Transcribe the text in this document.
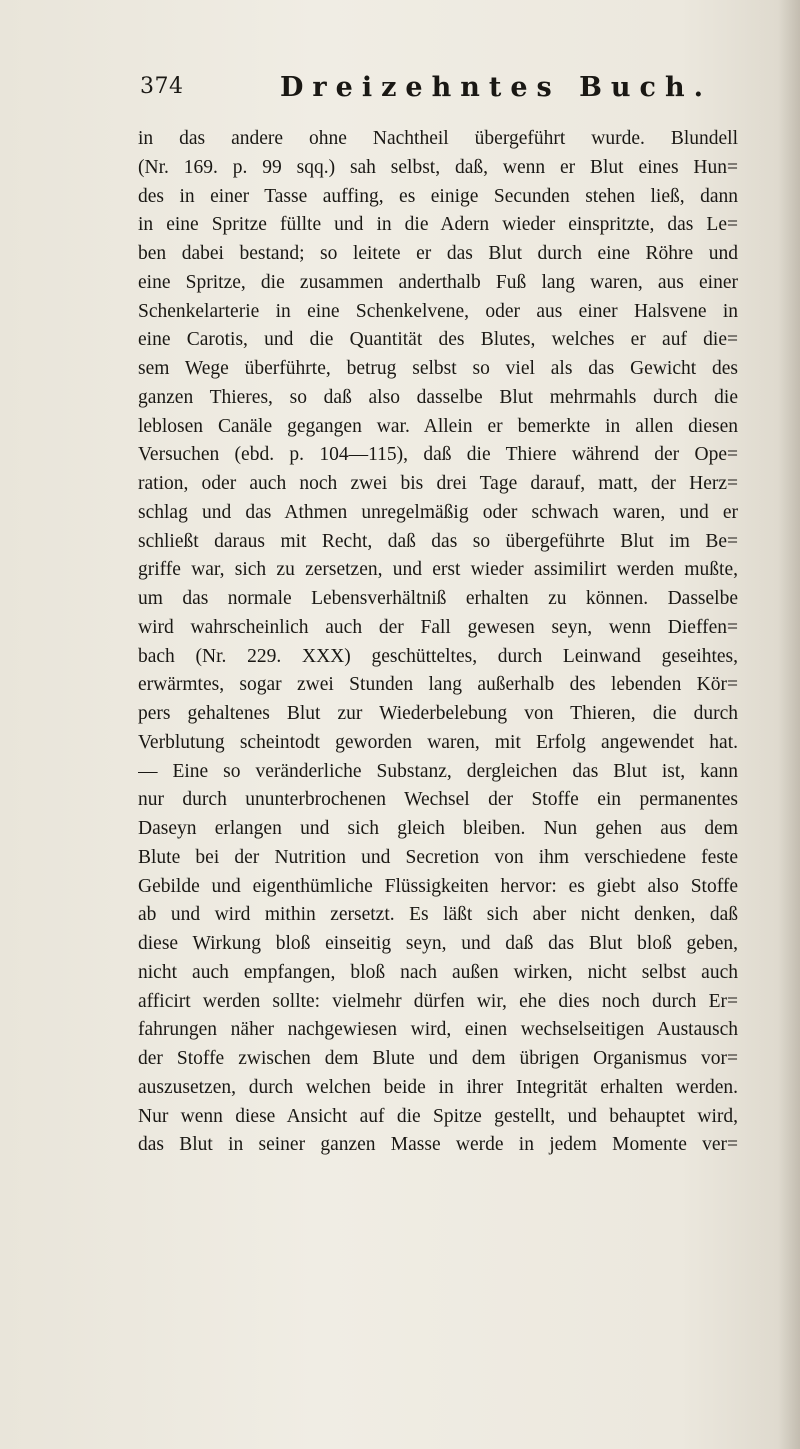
374	Dreizehntes Buch.
in das andere ohne Nachtheil übergeführt wurde. Blundell
(Nr. 169. p. 99 sqq.) sah selbst, daß, wenn er Blut eines Hun=
des in einer Tasse auffing, es einige Secunden stehen ließ, dann
in eine Spritze füllte und in die Adern wieder einspritzte, das Le=
ben dabei bestand; so leitete er das Blut durch eine Röhre und
eine Spritze, die zusammen anderthalb Fuß lang waren, aus einer
Schenkelarterie in eine Schenkelvene, oder aus einer Halsvene in
eine Carotis, und die Quantität des Blutes, welches er auf die=
sem Wege überführte, betrug selbst so viel als das Gewicht des
ganzen Thieres, so daß also dasselbe Blut mehrmahls durch die
leblosen Canäle gegangen war. Allein er bemerkte in allen diesen
Versuchen (ebd. p. 104—115), daß die Thiere während der Ope=
ration, oder auch noch zwei bis drei Tage darauf, matt, der Herz=
schlag und das Athmen unregelmäßig oder schwach waren, und er
schließt daraus mit Recht, daß das so übergeführte Blut im Be=
griffe war, sich zu zersetzen, und erst wieder assimilirt werden mußte,
um das normale Lebensverhältniß erhalten zu können. Dasselbe
wird wahrscheinlich auch der Fall gewesen seyn, wenn Dieffen=
bach (Nr. 229. XXX) geschütteltes, durch Leinwand geseihtes,
erwärmtes, sogar zwei Stunden lang außerhalb des lebenden Kör=
pers gehaltenes Blut zur Wiederbelebung von Thieren, die durch
Verblutung scheintodt geworden waren, mit Erfolg angewendet hat.
— Eine so veränderliche Substanz, dergleichen das Blut ist, kann
nur durch ununterbrochenen Wechsel der Stoffe ein permanentes
Daseyn erlangen und sich gleich bleiben. Nun gehen aus dem
Blute bei der Nutrition und Secretion von ihm verschiedene feste
Gebilde und eigenthümliche Flüssigkeiten hervor: es giebt also Stoffe
ab und wird mithin zersetzt. Es läßt sich aber nicht denken, daß
diese Wirkung bloß einseitig seyn, und daß das Blut bloß geben,
nicht auch empfangen, bloß nach außen wirken, nicht selbst auch
afficirt werden sollte: vielmehr dürfen wir, ehe dies noch durch Er=
fahrungen näher nachgewiesen wird, einen wechselseitigen Austausch
der Stoffe zwischen dem Blute und dem übrigen Organismus vor=
auszusetzen, durch welchen beide in ihrer Integrität erhalten werden.
Nur wenn diese Ansicht auf die Spitze gestellt, und behauptet wird,
das Blut in seiner ganzen Masse werde in jedem Momente ver=
